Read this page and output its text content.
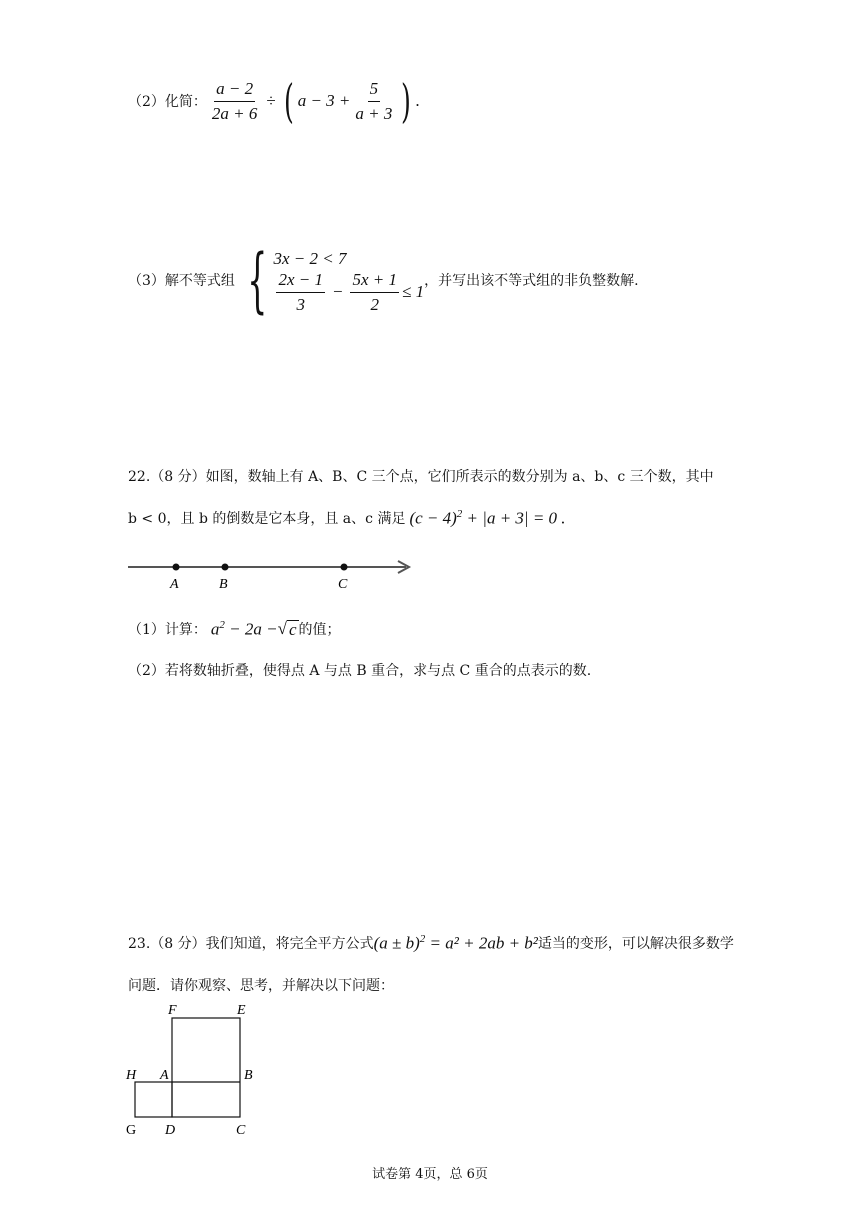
（2）化简： $\frac{a - 2}{2a + 6}$ ÷ ( $a - 3 + \frac{5}{a + 3}$ ) .
（3）解不等式组 { 3x − 2 < 7
$\frac{2x - 1}{3} - \frac{5x + 1}{2} \le 1$
，并写出该不等式组的非负整数解.
22.（8 分）如图，数轴上有 A、B、C 三个点，它们所表示的数分别为 a、b、c 三个数，其中
b < 0，且 b 的倒数是它本身，且 a、c 满足 $(c - 4)^2 + |a + 3| = 0$ .
A	B	C
（1）计算： $a^2 - 2a$ − √ c 的值；
（2）若将数轴折叠，使得点 A 与点 B 重合，求与点 C 重合的点表示的数.
23.（8 分）我们知道，将完全平方公式 $(a \pm b)^2 = a^2 + 2ab + b^2$ 适当的变形，可以解决很多数学
问题．请你观察、思考，并解决以下问题：
F	E
H A	B
G D	C
试卷第 4页，总 6页
